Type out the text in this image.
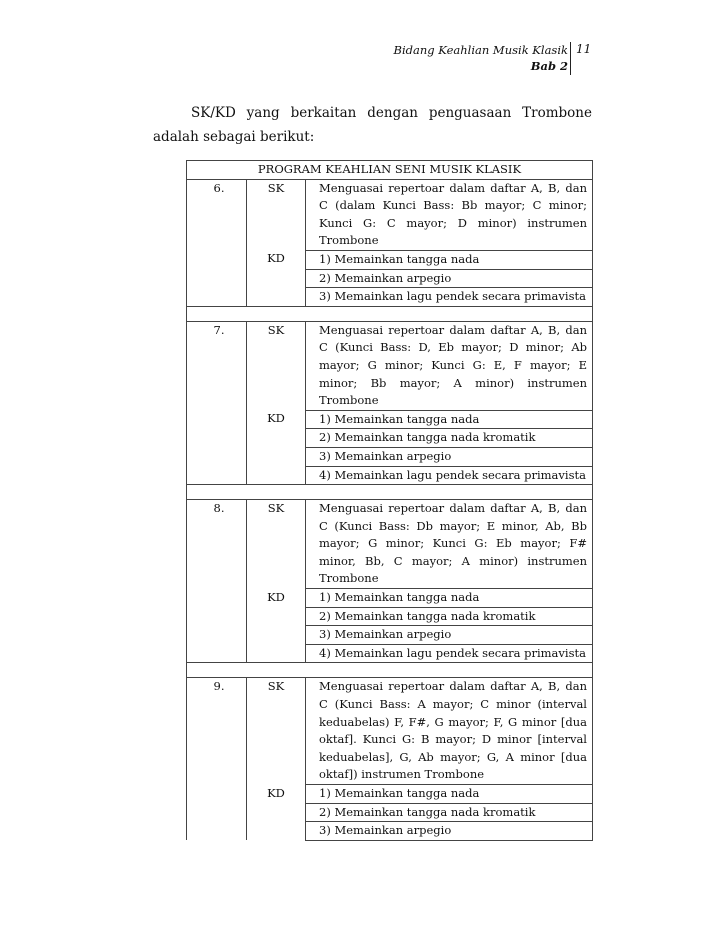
Bidang Keahlian Musik Klasik
Bab 2
11

SK/KD yang berkaitan dengan penguasaan Trombone adalah sebagai berikut:

PROGRAM KEAHLIAN SENI MUSIK KLASIK		
6.	SK	Menguasai repertoar dalam daftar A, B, dan C (dalam Kunci Bass: Bb mayor; C minor; Kunci G: C mayor; D minor) instrumen Trombone
	KD	1) Memainkan tangga nada
		2) Memainkan arpegio
		3) Memainkan lagu pendek secara primavista

7.	SK	Menguasai repertoar dalam daftar A, B, dan C (Kunci Bass: D, Eb mayor; D minor; Ab mayor; G minor; Kunci G: E, F mayor; E minor; Bb mayor; A minor) instrumen Trombone
	KD	1) Memainkan tangga nada
		2) Memainkan tangga nada kromatik
		3) Memainkan arpegio
		4) Memainkan lagu pendek secara primavista

8.	SK	Menguasai repertoar dalam daftar A, B, dan C (Kunci Bass: Db mayor; E minor, Ab, Bb mayor; G minor; Kunci G: Eb mayor; F# minor, Bb, C mayor; A minor) instrumen Trombone
	KD	1) Memainkan tangga nada
		2) Memainkan tangga nada kromatik
		3) Memainkan arpegio
		4) Memainkan lagu pendek secara primavista

9.	SK	Menguasai repertoar dalam daftar A, B, dan C (Kunci Bass: A mayor; C minor (interval keduabelas) F, F#, G mayor; F, G minor [dua oktaf]. Kunci G: B mayor; D minor [interval keduabelas], G, Ab mayor; G, A minor [dua oktaf]) instrumen Trombone
	KD	1) Memainkan tangga nada
		2) Memainkan tangga nada kromatik
		3) Memainkan arpegio
